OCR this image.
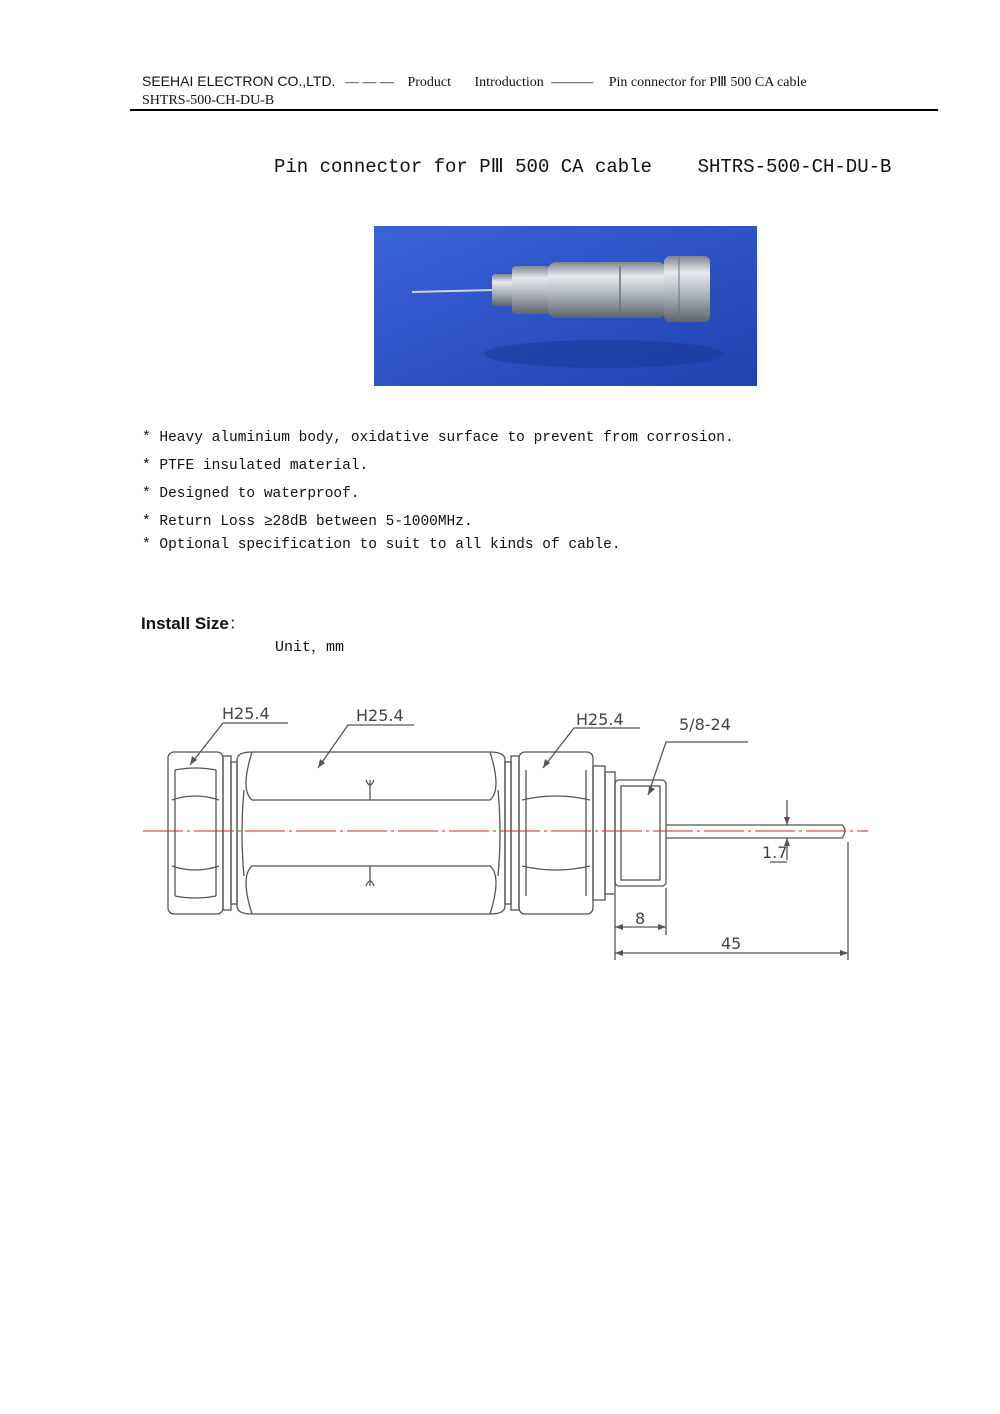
SEEHAI ELECTRON CO.,LTD. — — — Product Introduction ——— Pin connector for PⅢ 500 CA cable
SHTRS-500-CH-DU-B
Pin connector for PⅢ 500 CA cable    SHTRS-500-CH-DU-B
* Heavy aluminium body, oxidative surface to prevent from corrosion.
* PTFE insulated material.
* Designed to waterproof.
* Return Loss ≥28dB between 5-1000MHz.
* Optional specification to suit to all kinds of cable.
Install Size：
Unit，mm
H25.4	H25.4	H25.4	5/8-24
1.7
8
45
